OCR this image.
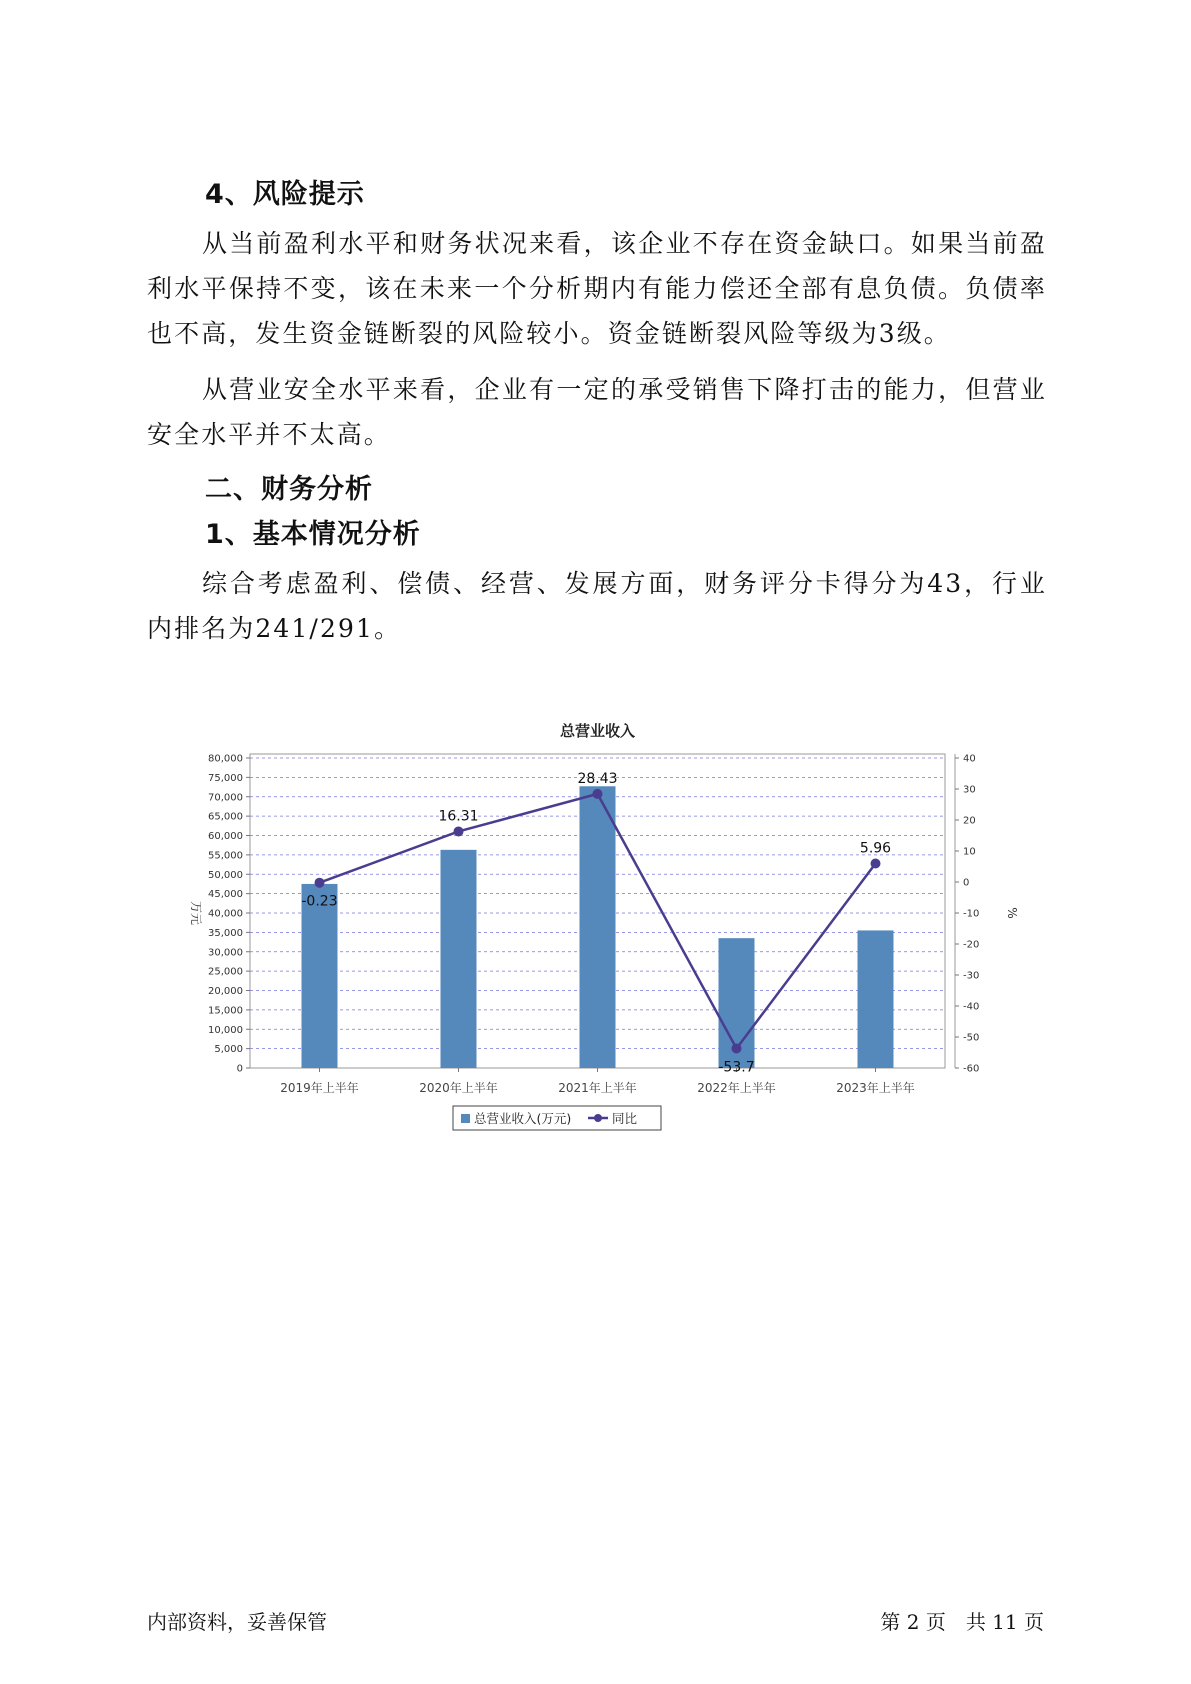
4、风险提示

从当前盈利水平和财务状况来看，该企业不存在资金缺口。如果当前盈利水平保持不变，该在未来一个分析期内有能力偿还全部有息负债。负债率也不高，发生资金链断裂的风险较小。资金链断裂风险等级为3级。

从营业安全水平来看，企业有一定的承受销售下降打击的能力，但营业安全水平并不太高。

二、财务分析
1、基本情况分析

综合考虑盈利、偿债、经营、发展方面，财务评分卡得分为43，行业内排名为241/291。

总营业收入
0
5,000
10,000
15,000
20,000
25,000
30,000
35,000
40,000
45,000
50,000
55,000
60,000
65,000
70,000
75,000
80,000
-60
-50
-40
-30
-20
-10
0
10
20
30
40
万元	%
2019年上半年	2020年上半年	2021年上半年	2022年上半年	2023年上半年
-0.23
16.31
28.43
-53.7
5.96
总营业收入(万元)	同比
内部资料，妥善保管	第 2 页　共 11 页
